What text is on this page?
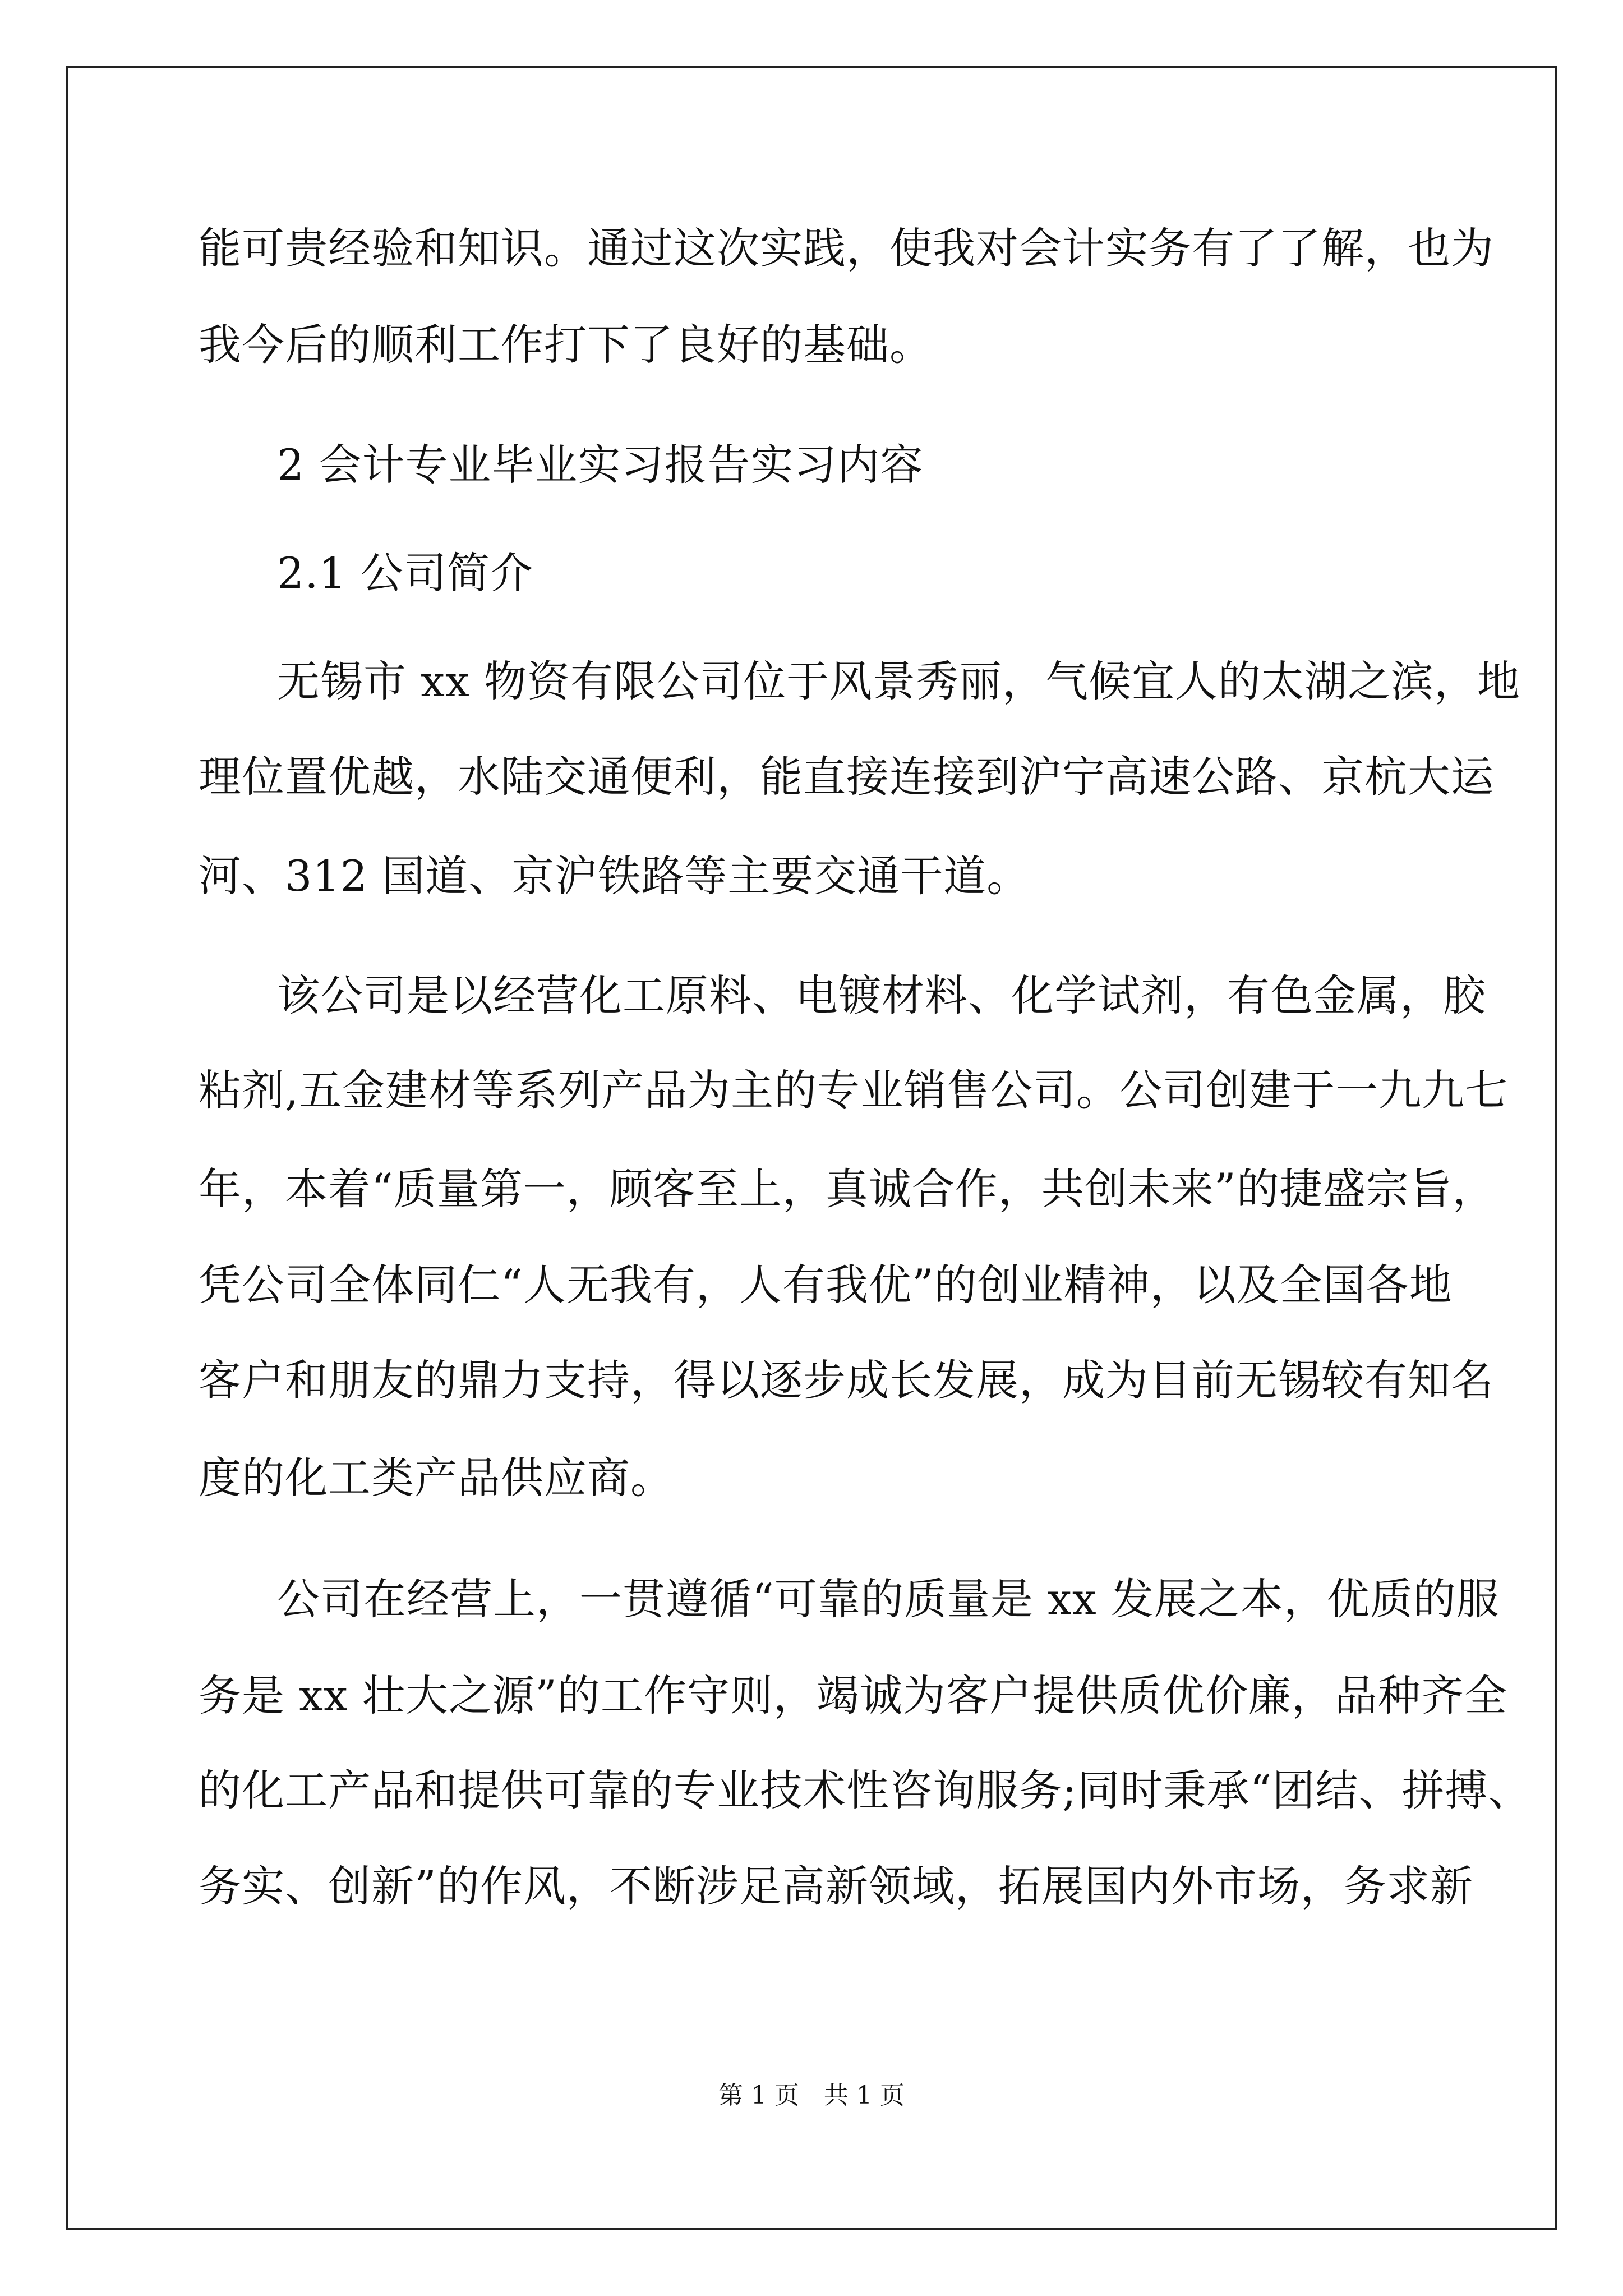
能可贵经验和知识。通过这次实践，使我对会计实务有了了解，也为
我今后的顺利工作打下了良好的基础。
2 会计专业毕业实习报告实习内容
2.1 公司简介
无锡市 xx 物资有限公司位于风景秀丽，气候宜人的太湖之滨，地
理位置优越，水陆交通便利，能直接连接到沪宁高速公路、京杭大运
河、312 国道、京沪铁路等主要交通干道。
该公司是以经营化工原料、电镀材料、化学试剂，有色金属，胶
粘剂,五金建材等系列产品为主的专业销售公司。公司创建于一九九七
年，本着“质量第一，顾客至上，真诚合作，共创未来”的捷盛宗旨，
凭公司全体同仁“人无我有，人有我优”的创业精神，以及全国各地
客户和朋友的鼎力支持，得以逐步成长发展，成为目前无锡较有知名
度的化工类产品供应商。
公司在经营上，一贯遵循“可靠的质量是 xx 发展之本，优质的服
务是 xx 壮大之源”的工作守则，竭诚为客户提供质优价廉，品种齐全
的化工产品和提供可靠的专业技术性咨询服务;同时秉承“团结、拼搏、
务实、创新”的作风，不断涉足高新领域，拓展国内外市场，务求新
第 1 页　共 1 页
